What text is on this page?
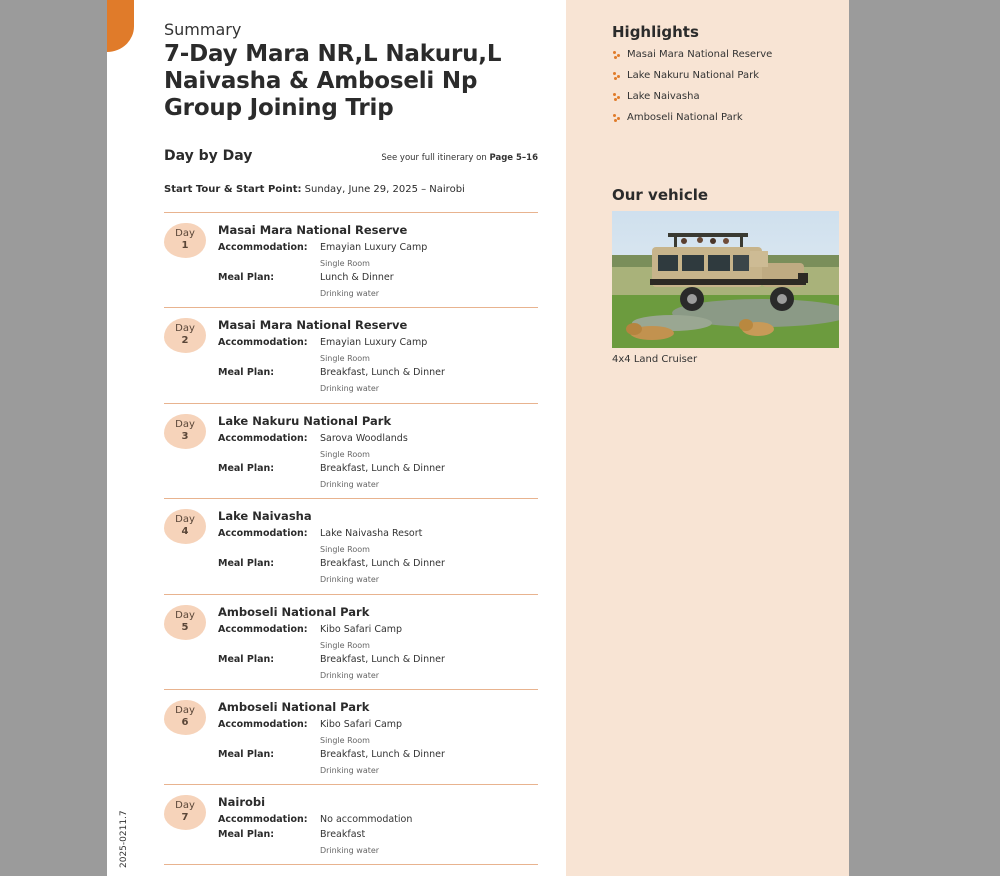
Summary
7-Day Mara NR,L Nakuru,L Naivasha & Amboseli Np Group Joining Trip
Day by Day	See your full itinerary on Page 5–16
Start Tour & Start Point: Sunday, June 29, 2025 – Nairobi
Day
1
Masai Mara National Reserve
Accommodation: Emayian Luxury Camp
Single Room
Meal Plan:	Lunch & Dinner
Drinking water
Day
2
Masai Mara National Reserve
Accommodation: Emayian Luxury Camp
Single Room
Meal Plan:	Breakfast, Lunch & Dinner
Drinking water
Day
3
Lake Nakuru National Park
Accommodation: Sarova Woodlands
Single Room
Meal Plan:	Breakfast, Lunch & Dinner
Drinking water
Day
4
Lake Naivasha
Accommodation: Lake Naivasha Resort
Single Room
Meal Plan:	Breakfast, Lunch & Dinner
Drinking water
Day
5
Amboseli National Park
Accommodation: Kibo Safari Camp
Single Room
Meal Plan:	Breakfast, Lunch & Dinner
Drinking water
Day
6
Amboseli National Park
Accommodation: Kibo Safari Camp
Single Room
Meal Plan:	Breakfast, Lunch & Dinner
Drinking water
Day
7
Nairobi
Accommodation: No accommodation
Meal Plan:	Breakfast
Drinking water
Highlights
Masai Mara National Reserve
Lake Nakuru National Park
Lake Naivasha
Amboseli National Park
Our vehicle
4x4 Land Cruiser
2025-0211.7
